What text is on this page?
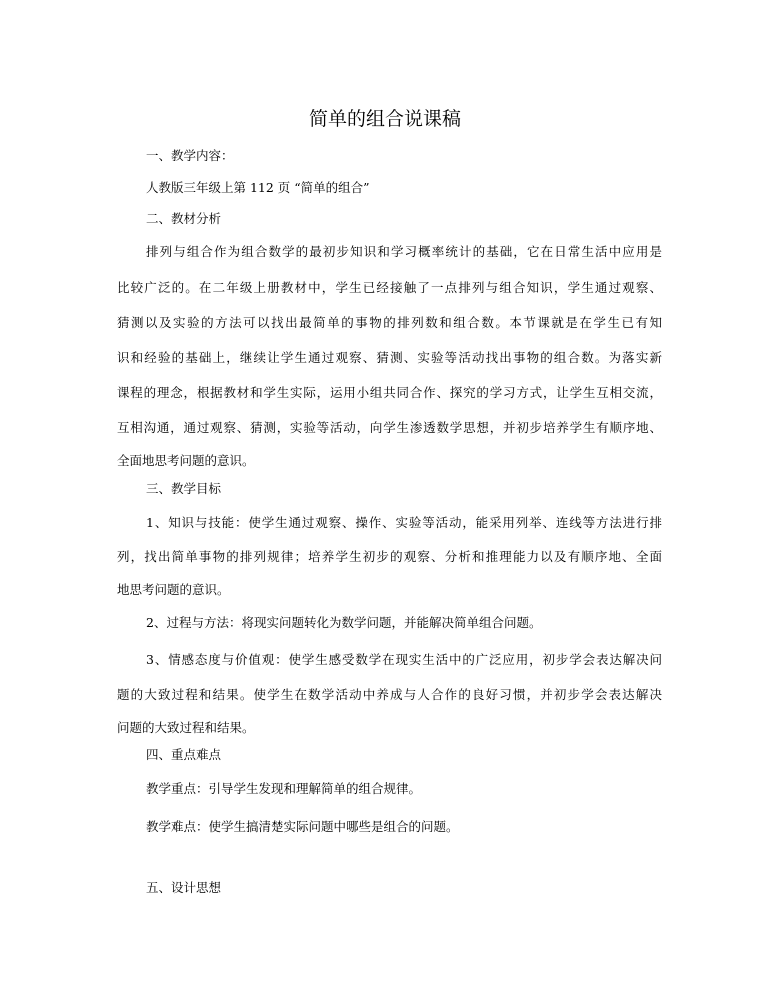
简单的组合说课稿
一、教学内容：
人教版三年级上第 112 页 “简单的组合”
二、教材分析
排列与组合作为组合数学的最初步知识和学习概率统计的基础，它在日常生活中应用是
比较广泛的。在二年级上册教材中，学生已经接触了一点排列与组合知识，学生通过观察、
猜测以及实验的方法可以找出最简单的事物的排列数和组合数。本节课就是在学生已有知
识和经验的基础上，继续让学生通过观察、猜测、实验等活动找出事物的组合数。为落实新
课程的理念，根据教材和学生实际，运用小组共同合作、探究的学习方式，让学生互相交流，
互相沟通，通过观察、猜测，实验等活动，向学生渗透数学思想，并初步培养学生有顺序地、
全面地思考问题的意识。
三、教学目标
1、知识与技能：使学生通过观察、操作、实验等活动，能采用列举、连线等方法进行排
列，找出简单事物的排列规律；培养学生初步的观察、分析和推理能力以及有顺序地、全面
地思考问题的意识。
2、过程与方法：将现实问题转化为数学问题，并能解决简单组合问题。
3、情感态度与价值观：使学生感受数学在现实生活中的广泛应用，初步学会表达解决问
题的大致过程和结果。使学生在数学活动中养成与人合作的良好习惯，并初步学会表达解决
问题的大致过程和结果。
四、重点难点
教学重点：引导学生发现和理解简单的组合规律。
教学难点：使学生搞清楚实际问题中哪些是组合的问题。
五、设计思想
